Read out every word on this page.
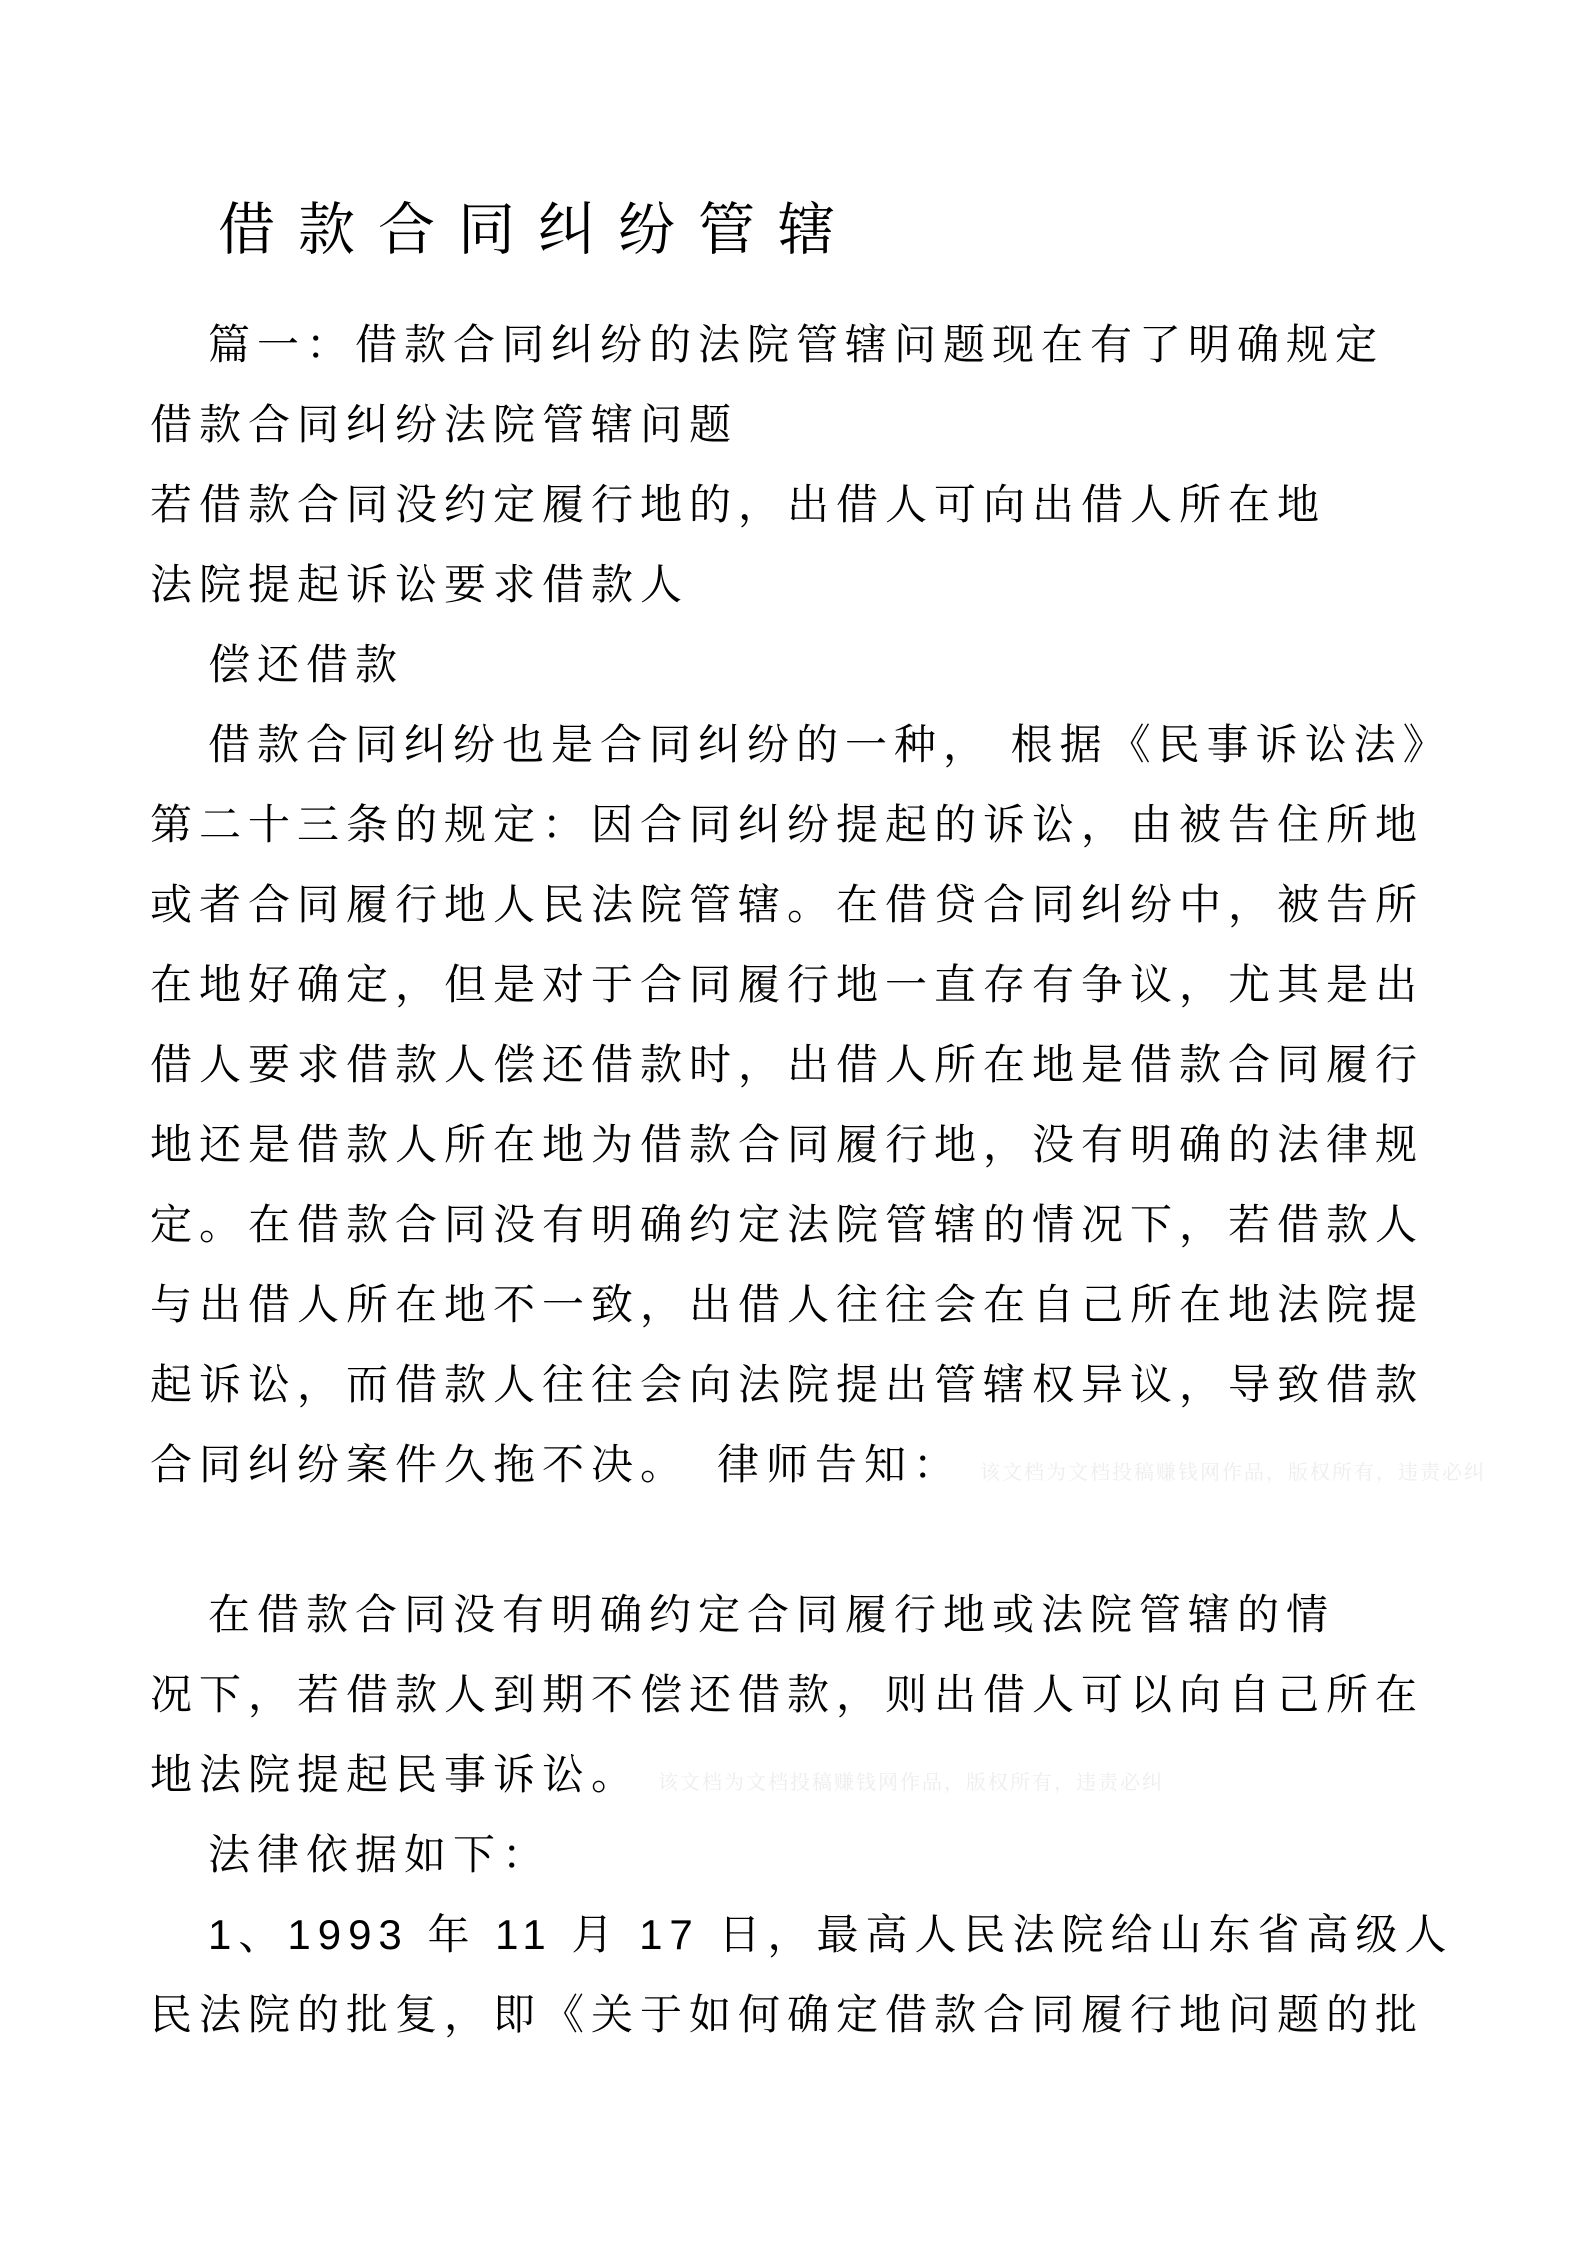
借款合同纠纷管辖
篇一：借款合同纠纷的法院管辖问题现在有了明确规定
借款合同纠纷法院管辖问题
若借款合同没约定履行地的，出借人可向出借人所在地
法院提起诉讼要求借款人
偿还借款
借款合同纠纷也是合同纠纷的一种， 根据《民事诉讼法》
第二十三条的规定：因合同纠纷提起的诉讼，由被告住所地
或者合同履行地人民法院管辖。在借贷合同纠纷中，被告所
在地好确定，但是对于合同履行地一直存有争议，尤其是出
借人要求借款人偿还借款时，出借人所在地是借款合同履行
地还是借款人所在地为借款合同履行地，没有明确的法律规
定。在借款合同没有明确约定法院管辖的情况下，若借款人
与出借人所在地不一致，出借人往往会在自己所在地法院提
起诉讼，而借款人往往会向法院提出管辖权异议，导致借款
合同纠纷案件久拖不决。　律师告知： 该文档为文档投稿赚钱网作品，版权所有，违责必纠
在借款合同没有明确约定合同履行地或法院管辖的情
况下，若借款人到期不偿还借款，则出借人可以向自己所在
地法院提起民事诉讼。 该文档为文档投稿赚钱网作品，版权所有，违责必纠
法律依据如下：
1、1993 年 11 月 17 日，最高人民法院给山东省高级人
民法院的批复，即《关于如何确定借款合同履行地问题的批
